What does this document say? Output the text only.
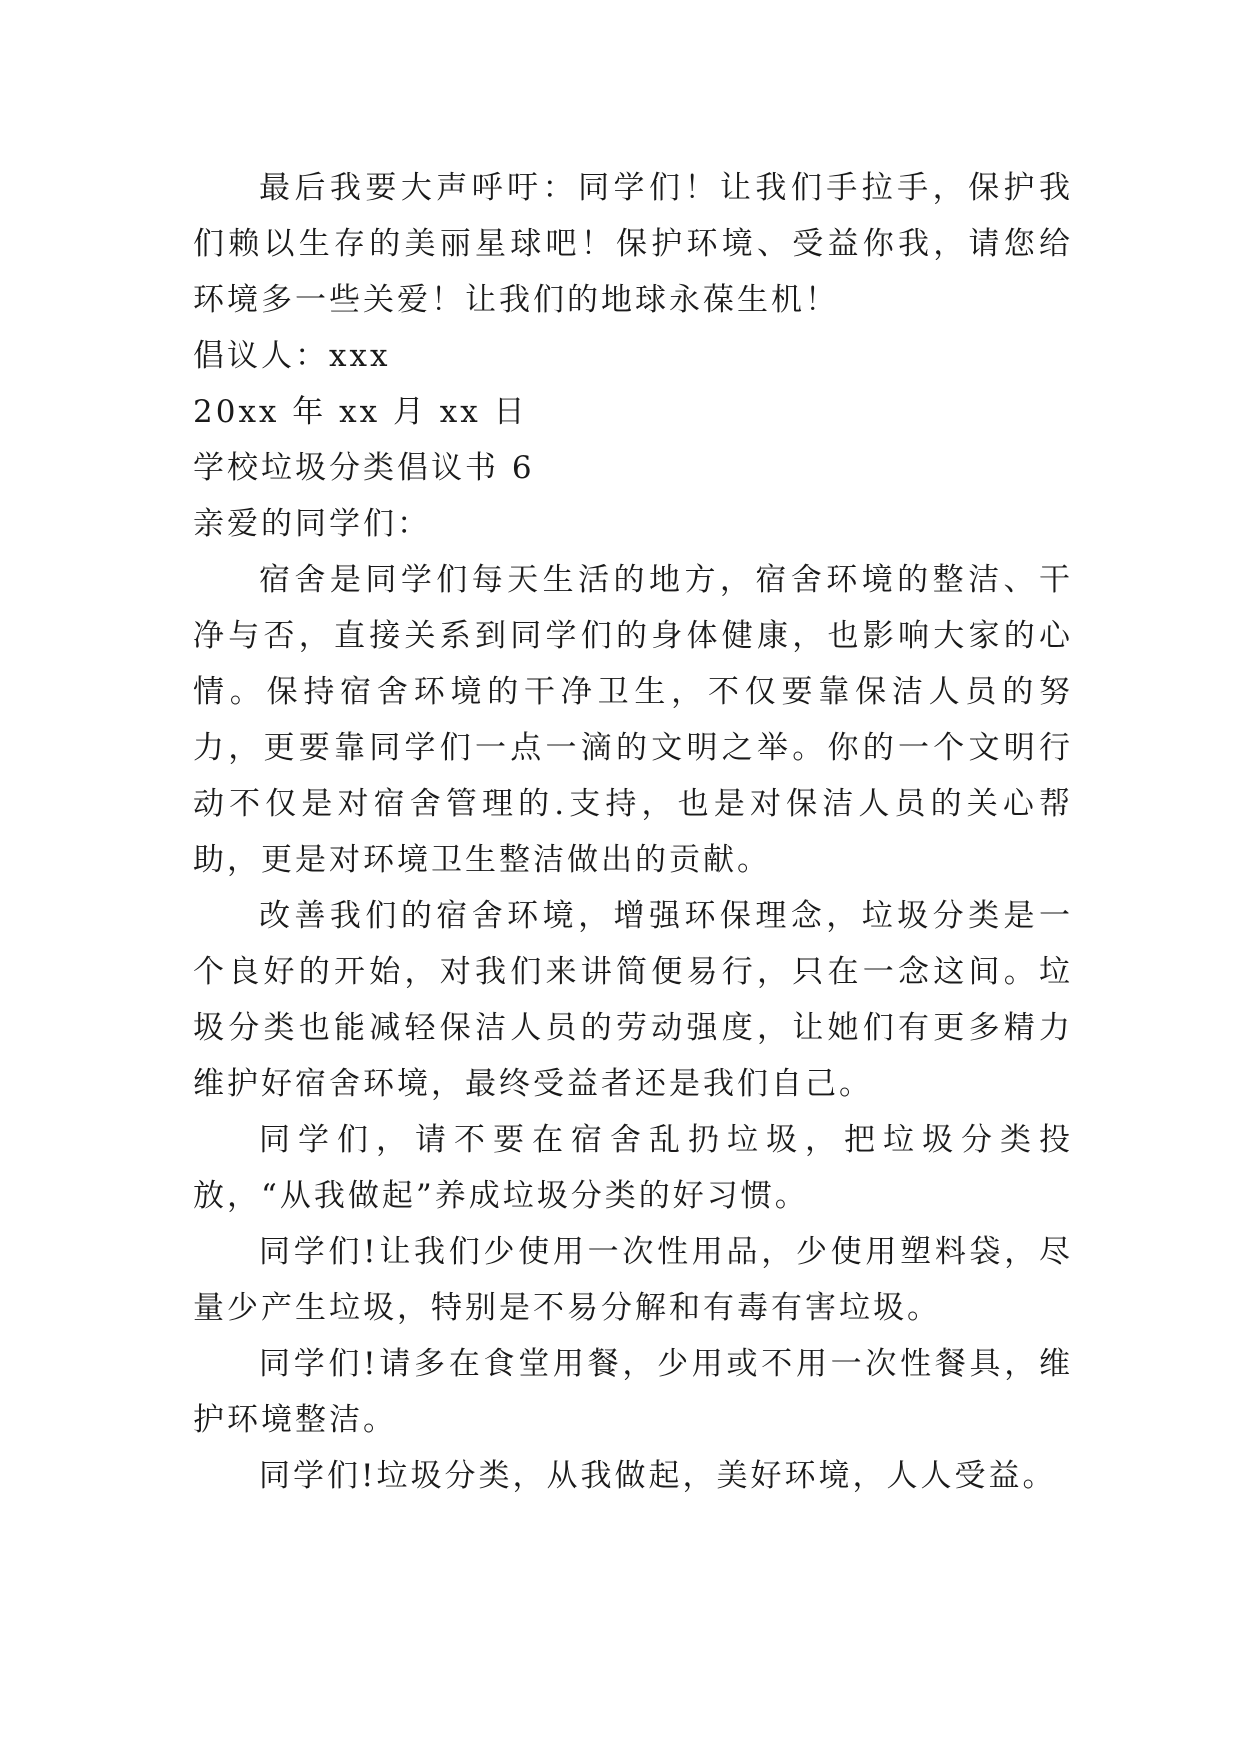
最后我要大声呼吁：同学们！让我们手拉手，保护我们赖以生存的美丽星球吧！保护环境、受益你我，请您给环境多一些关爱！让我们的地球永葆生机！

倡议人：xxx

20xx 年 xx 月 xx 日

学校垃圾分类倡议书 6

亲爱的同学们：

宿舍是同学们每天生活的地方，宿舍环境的整洁、干净与否，直接关系到同学们的身体健康，也影响大家的心情。保持宿舍环境的干净卫生，不仅要靠保洁人员的努力，更要靠同学们一点一滴的文明之举。你的一个文明行动不仅是对宿舍管理的.支持，也是对保洁人员的关心帮助，更是对环境卫生整洁做出的贡献。

改善我们的宿舍环境，增强环保理念，垃圾分类是一个良好的开始，对我们来讲简便易行，只在一念这间。垃圾分类也能减轻保洁人员的劳动强度，让她们有更多精力维护好宿舍环境，最终受益者还是我们自己。

同学们，请不要在宿舍乱扔垃圾，把垃圾分类投放，“从我做起”养成垃圾分类的好习惯。

同学们!让我们少使用一次性用品，少使用塑料袋，尽量少产生垃圾，特别是不易分解和有毒有害垃圾。

同学们!请多在食堂用餐，少用或不用一次性餐具，维护环境整洁。

同学们!垃圾分类，从我做起，美好环境，人人受益。
